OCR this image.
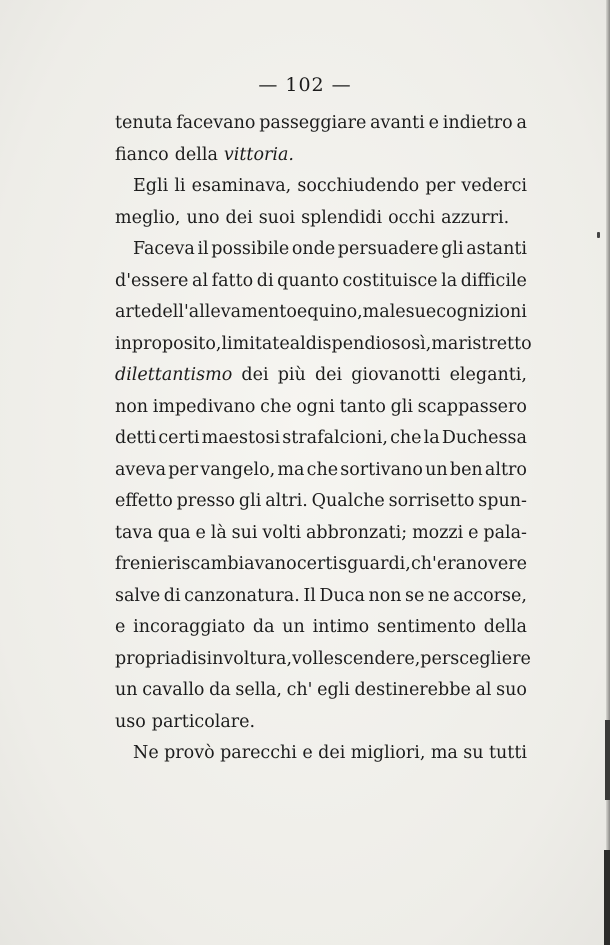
— 102 —
tenuta facevano passeggiare avanti e indietro a
fianco della vittoria.
Egli li esaminava, socchiudendo per vederci
meglio, uno dei suoi splendidi occhi azzurri.
Faceva il possibile onde persuadere gli astanti
d'essere al fatto di quanto costituisce la difficile
arte dell'allevamento equino, ma le sue cognizioni
in proposito, limitate al dispendioso sì, ma ristretto
dilettantismo dei più dei giovanotti eleganti,
non impedivano che ogni tanto gli scappassero
detti certi maestosi strafalcioni, che la Duchessa
aveva per vangelo, ma che sortivano un ben altro
effetto presso gli altri. Qualche sorrisetto spun-
tava qua e là sui volti abbronzati; mozzi e pala-
frenieri scambiavano certi sguardi, ch'erano vere
salve di canzonatura. Il Duca non se ne accorse,
e incoraggiato da un intimo sentimento della
propria disinvoltura, volle scendere, per scegliere
un cavallo da sella, ch' egli destinerebbe al suo
uso particolare.
Ne provò parecchi e dei migliori, ma su tutti
